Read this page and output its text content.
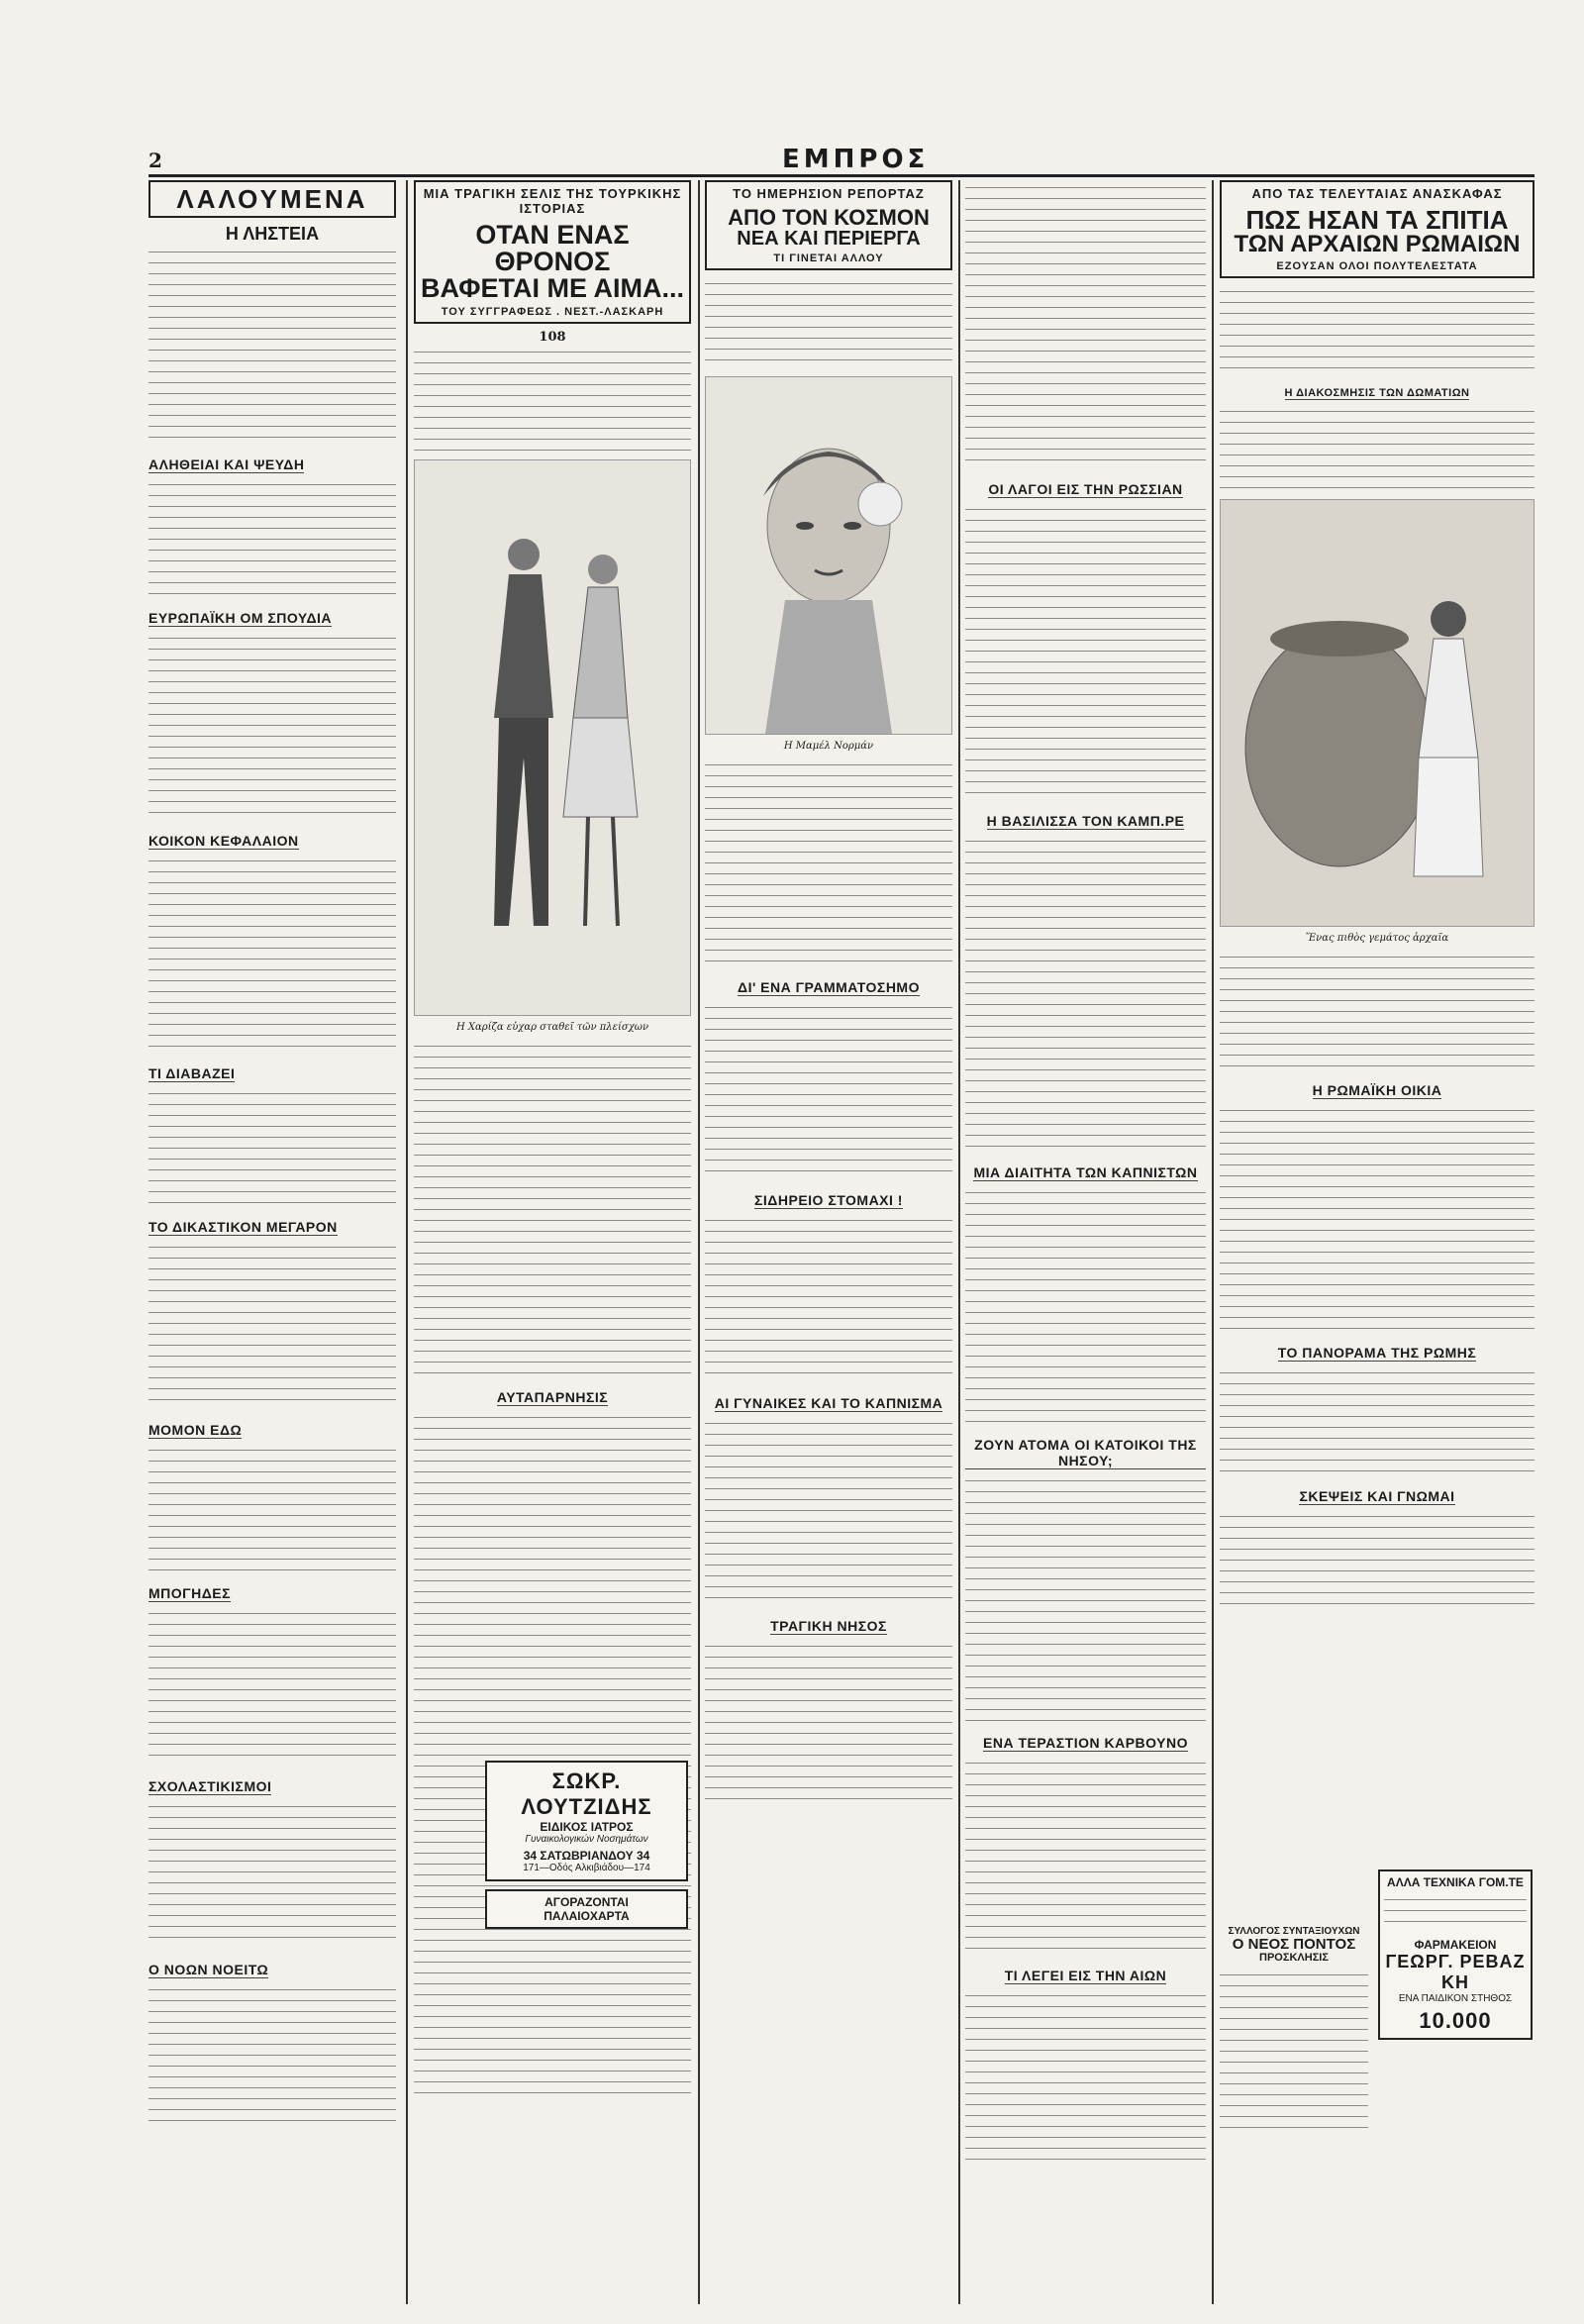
2	ΕΜΠΡΟΣ
ΛΑΛΟΥΜΕΝΑ
Η ΛΗΣΤΕΙΑ
ΑΛΗΘΕΙΑΙ ΚΑΙ ΨΕΥΔΗ
ΕΥΡΩΠΑΪΚΗ ΟΜ ΣΠΟΥΔΙΑ
ΚΟΙΚΟΝ ΚΕΦΑΛΑΙΟΝ
ΤΙ ΔΙΑΒΑΖΕΙ
ΤΟ ΔΙΚΑΣΤΙΚΟΝ ΜΕΓΑΡΟΝ
ΜΟΜΟΝ ΕΔΩ
ΜΠΟΓΗΔΕΣ
ΣΧΟΛΑΣΤΙΚΙΣΜΟΙ
Ο ΝΟΩΝ ΝΟΕΙΤΩ
ΜΙΑ ΤΡΑΓΙΚΗ ΣΕΛΙΣ ΤΗΣ ΤΟΥΡΚΙΚΗΣ ΙΣΤΟΡΙΑΣ
ΟΤΑΝ ΕΝΑΣ ΘΡΟΝΟΣ
ΒΑΦΕΤΑΙ ΜΕ ΑΙΜΑ...
ΤΟΥ ΣΥΓΓΡΑΦΕΩΣ . ΝΕΣΤ.-ΛΑΣΚΑΡΗ
108
Η Χαρίζα εὐχαρ σταθεῖ τῶν πλείσχων
ΑΥΤΑΠΑΡΝΗΣΙΣ
ΤΟ ΗΜΕΡΗΣΙΟΝ ΡΕΠΟΡΤΑΖ
ΑΠΟ ΤΟΝ ΚΟΣΜΟΝ
ΝΕΑ ΚΑΙ ΠΕΡΙΕΡΓΑ
ΤΙ ΓΙΝΕΤΑΙ ΑΛΛΟΥ
Η Μαμέλ Νορμάν
ΔΙ' ΕΝΑ ΓΡΑΜΜΑΤΟΣΗΜΟ
ΣΙΔΗΡΕΙΟ ΣΤΟΜΑΧΙ !
ΑΙ ΓΥΝΑΙΚΕΣ ΚΑΙ ΤΟ ΚΑΠΝΙΣΜΑ
ΤΡΑΓΙΚΗ ΝΗΣΟΣ
ΣΩΚΡ. ΛΟΥΤΖΙΔΗΣ
ΕΙΔΙΚΟΣ ΙΑΤΡΟΣ
Γυναικολογικών Νοσημάτων
34 ΣΑΤΩΒΡΙΑΝΔΟΥ 34
171—Οδός Αλκιβιάδου—174
ΑΓΟΡΑΖΟΝΤΑΙ
ΠΑΛΑΙΟΧΑΡΤΑ
ΟΙ ΛΑΓΟΙ ΕΙΣ ΤΗΝ ΡΩΣΣΙΑΝ
Η ΒΑΣΙΛΙΣΣΑ ΤΟΝ ΚΑΜΠ.ΡΕ
ΜΙΑ ΔΙΑΙΤΗΤΑ ΤΩΝ ΚΑΠΝΙΣΤΩΝ
ΖΟΥΝ ΑΤΟΜΑ ΟΙ ΚΑΤΟΙΚΟΙ ΤΗΣ ΝΗΣΟΥ;
ΕΝΑ ΤΕΡΑΣΤΙΟΝ ΚΑΡΒΟΥΝΟ
ΤΙ ΛΕΓΕΙ ΕΙΣ ΤΗΝ ΑΙΩΝ
ΑΠΟ ΤΑΣ ΤΕΛΕΥΤΑΙΑΣ ΑΝΑΣΚΑΦΑΣ
ΠΩΣ ΗΣΑΝ ΤΑ ΣΠΙΤΙΑ
ΤΩΝ ΑΡΧΑΙΩΝ ΡΩΜΑΙΩΝ
ΕΖΟΥΣΑΝ ΟΛΟΙ ΠΟΛΥΤΕΛΕΣΤΑΤΑ
Η ΔΙΑΚΟΣΜΗΣΙΣ ΤΩΝ ΔΩΜΑΤΙΩΝ
Ἕνας πιθὸς γεμάτος ἀρχαῖα
Η ΡΩΜΑΪΚΗ ΟΙΚΙΑ
ΤΟ ΠΑΝΟΡΑΜΑ ΤΗΣ ΡΩΜΗΣ
ΣΚΕΨΕΙΣ ΚΑΙ ΓΝΩΜΑΙ
ΣΥΛΛΟΓΟΣ ΣΥΝΤΑΞΙΟΥΧΩΝ
Ο ΝΕΟΣ ΠΟΝΤΟΣ
ΠΡΟΣΚΛΗΣΙΣ
ΑΛΛΑ ΤΕΧΝΙΚΑ ΓΟΜ.ΤΕ
ΦΑΡΜΑΚΕΙΟΝ
ΓΕΩΡΓ. ΡΕΒΑΖ ΚΗ
ΕΝΑ ΠΑΙΔΙΚΟΝ ΣΤΗΘΟΣ
10.000
